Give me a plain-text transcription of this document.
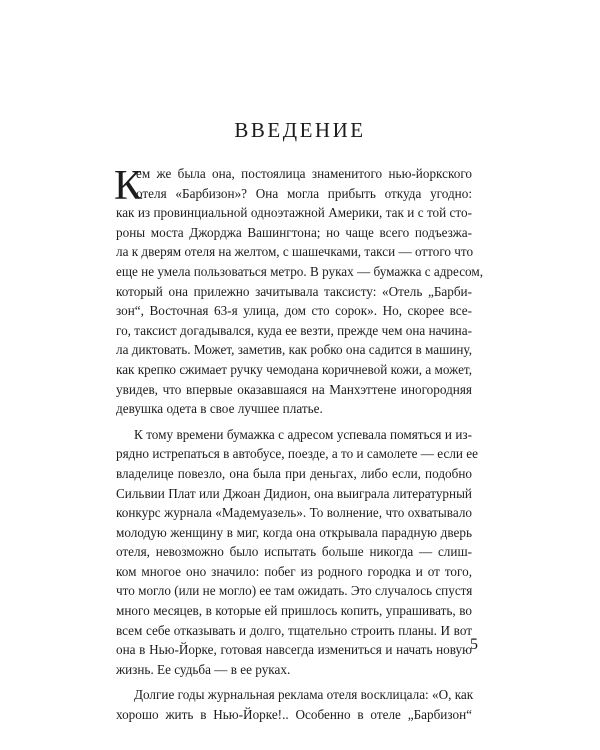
ВВЕДЕНИЕ
К
ем же была она, постоялица знаменитого нью-йоркского
отеля «Барбизон»? Она могла прибыть откуда угодно:
как из провинциальной одноэтажной Америки, так и с той сто-
роны моста Джорджа Вашингтона; но чаще всего подъезжа-
ла к дверям отеля на желтом, с шашечками, такси — оттого что
еще не умела пользоваться метро. В руках — бумажка с адресом,
который она прилежно зачитывала таксисту: «Отель „Барби-
зон“, Восточная 63-я улица, дом сто сорок». Но, скорее все-
го, таксист догадывался, куда ее везти, прежде чем она начина-
ла диктовать. Может, заметив, как робко она садится в машину,
как крепко сжимает ручку чемодана коричневой кожи, а может,
увидев, что впервые оказавшаяся на Манхэттене иногородняя
девушка одета в свое лучшее платье.
К тому времени бумажка с адресом успевала помяться и из-
рядно истрепаться в автобусе, поезде, а то и самолете — если ее
владелице повезло, она была при деньгах, либо если, подобно
Сильвии Плат или Джоан Дидион, она выиграла литературный
конкурс журнала «Мадемуазель». То волнение, что охватывало
молодую женщину в миг, когда она открывала парадную дверь
отеля, невозможно было испытать больше никогда — слиш-
ком многое оно значило: побег из родного городка и от того,
что могло (или не могло) ее там ожидать. Это случалось спустя
много месяцев, в которые ей пришлось копить, упрашивать, во
всем себе отказывать и долго, тщательно строить планы. И вот
она в Нью-Йорке, готовая навсегда измениться и начать новую
жизнь. Ее судьба — в ее руках.
Долгие годы журнальная реклама отеля восклицала: «О, как
хорошо жить в Нью-Йорке!.. Особенно в отеле „Барбизон“
5
